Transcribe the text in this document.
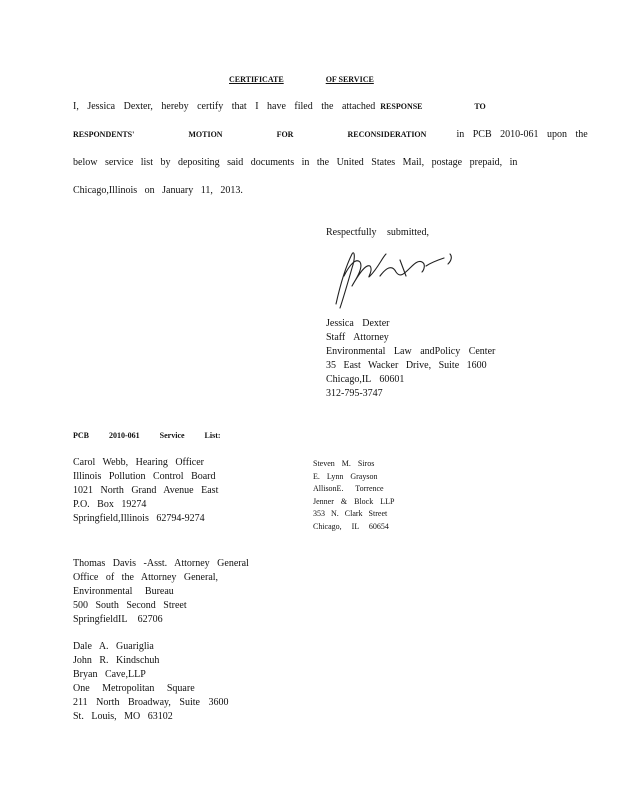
CERTIFICATE	OF SERVICE
I, Jessica Dexter, hereby certify that I have filed the attached RESPONSE TO
RESPONDENTS' MOTION FOR RECONSIDERATION	in PCB 2010-061 upon the
below service list by depositing said documents in the United States Mail, postage prepaid, in
Chicago,Illinois on January 11, 2013.
Respectfully submitted,
Jessica Dexter
Staff Attorney
Environmental Law andPolicy Center
35 East Wacker Drive, Suite 1600
Chicago,IL 60601
312-795-3747
PCB 2010-061 Service List:
Carol Webb, Hearing Officer
Illinois Pollution Control Board
1021 North Grand Avenue East
P.O. Box 19274
Springfield,Illinois 62794-9274
Thomas Davis -Asst. Attorney General
Office of the Attorney General,
Environmental Bureau
500 South Second Street
SpringfieldIL 62706
Dale A. Guariglia
John R. Kindschuh
Bryan Cave,LLP
One Metropolitan Square
211 North Broadway, Suite 3600
St. Louis, MO 63102
Steven M. Siros
E. Lynn Grayson
AllisonE. Torrence
Jenner & Block LLP
353 N. Clark Street
Chicago, IL 60654
